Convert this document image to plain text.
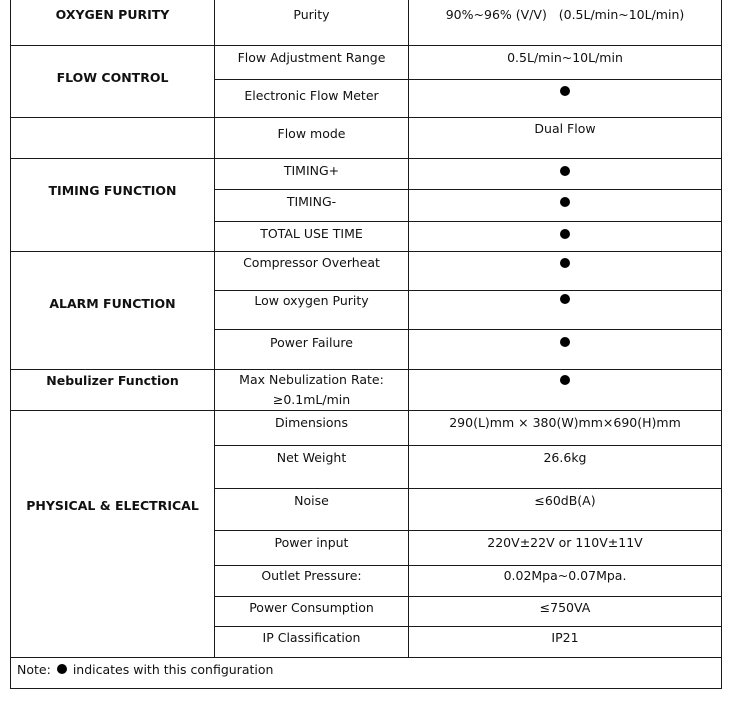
OXYGEN PURITY
FLOW CONTROL
TIMING FUNCTION
ALARM FUNCTION
Nebulizer Function
PHYSICAL & ELECTRICAL
Purity
Flow Adjustment Range
Electronic Flow Meter
Flow mode
TIMING+
TIMING-
TOTAL USE TIME
Compressor Overheat
Low oxygen Purity
Power Failure
Max Nebulization Rate:
≥0.1mL/min
Dimensions
Net Weight
Noise
Power input
Outlet Pressure:
Power Consumption
IP Classification
90%~96% (V/V)   (0.5L/min~10L/min)
0.5L/min~10L/min
Dual Flow
290(L)mm × 380(W)mm×690(H)mm
26.6kg
≤60dB(A)
220V±22V or 110V±11V
0.02Mpa~0.07Mpa.
≤750VA
IP21
Note: indicates with this configuration
